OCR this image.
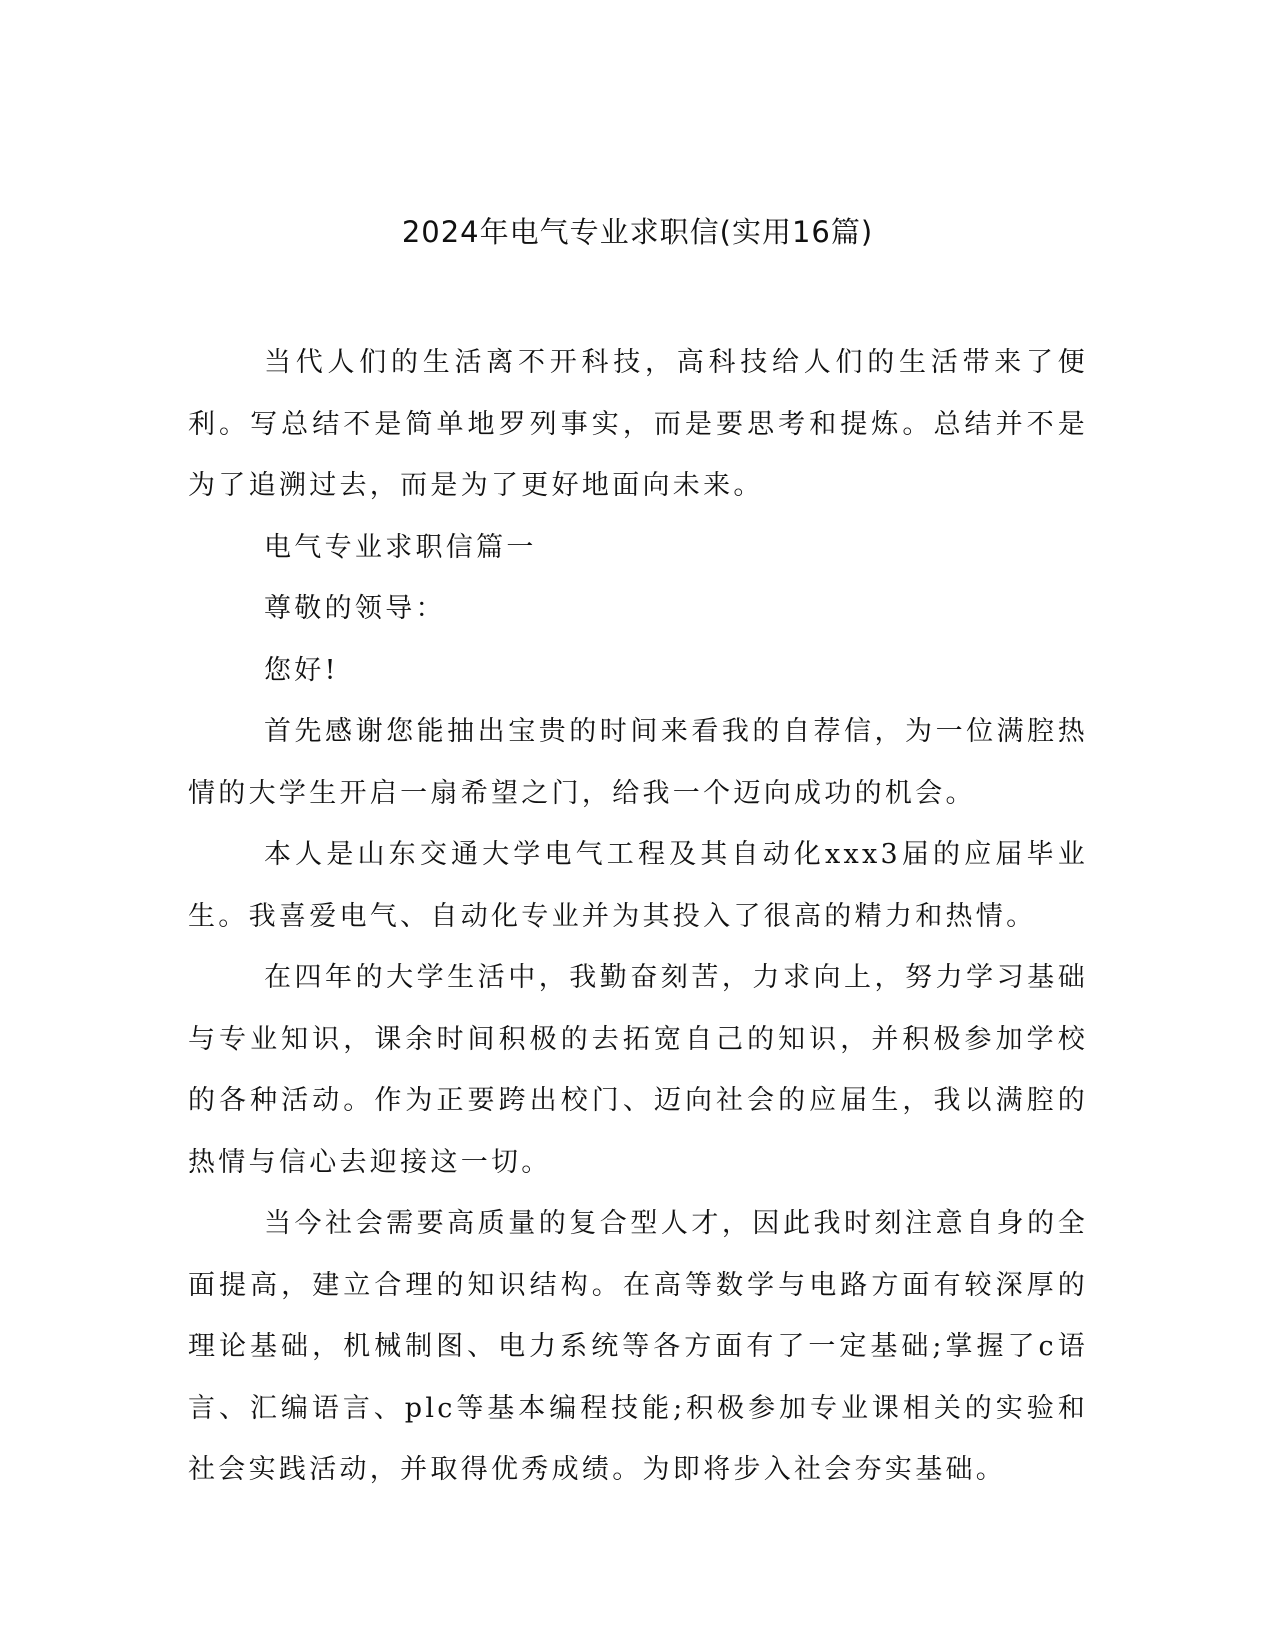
2024年电气专业求职信(实用16篇)

当代人们的生活离不开科技，高科技给人们的生活带来了便利。写总结不是简单地罗列事实，而是要思考和提炼。总结并不是为了追溯过去，而是为了更好地面向未来。

电气专业求职信篇一

尊敬的领导：

您好!

首先感谢您能抽出宝贵的时间来看我的自荐信，为一位满腔热情的大学生开启一扇希望之门，给我一个迈向成功的机会。

本人是山东交通大学电气工程及其自动化xxx3届的应届毕业生。我喜爱电气、自动化专业并为其投入了很高的精力和热情。

在四年的大学生活中，我勤奋刻苦，力求向上，努力学习基础与专业知识，课余时间积极的去拓宽自己的知识，并积极参加学校的各种活动。作为正要跨出校门、迈向社会的应届生，我以满腔的热情与信心去迎接这一切。

当今社会需要高质量的复合型人才，因此我时刻注意自身的全面提高，建立合理的知识结构。在高等数学与电路方面有较深厚的理论基础，机械制图、电力系统等各方面有了一定基础;掌握了c语言、汇编语言、plc等基本编程技能;积极参加专业课相关的实验和社会实践活动，并取得优秀成绩。为即将步入社会夯实基础。
